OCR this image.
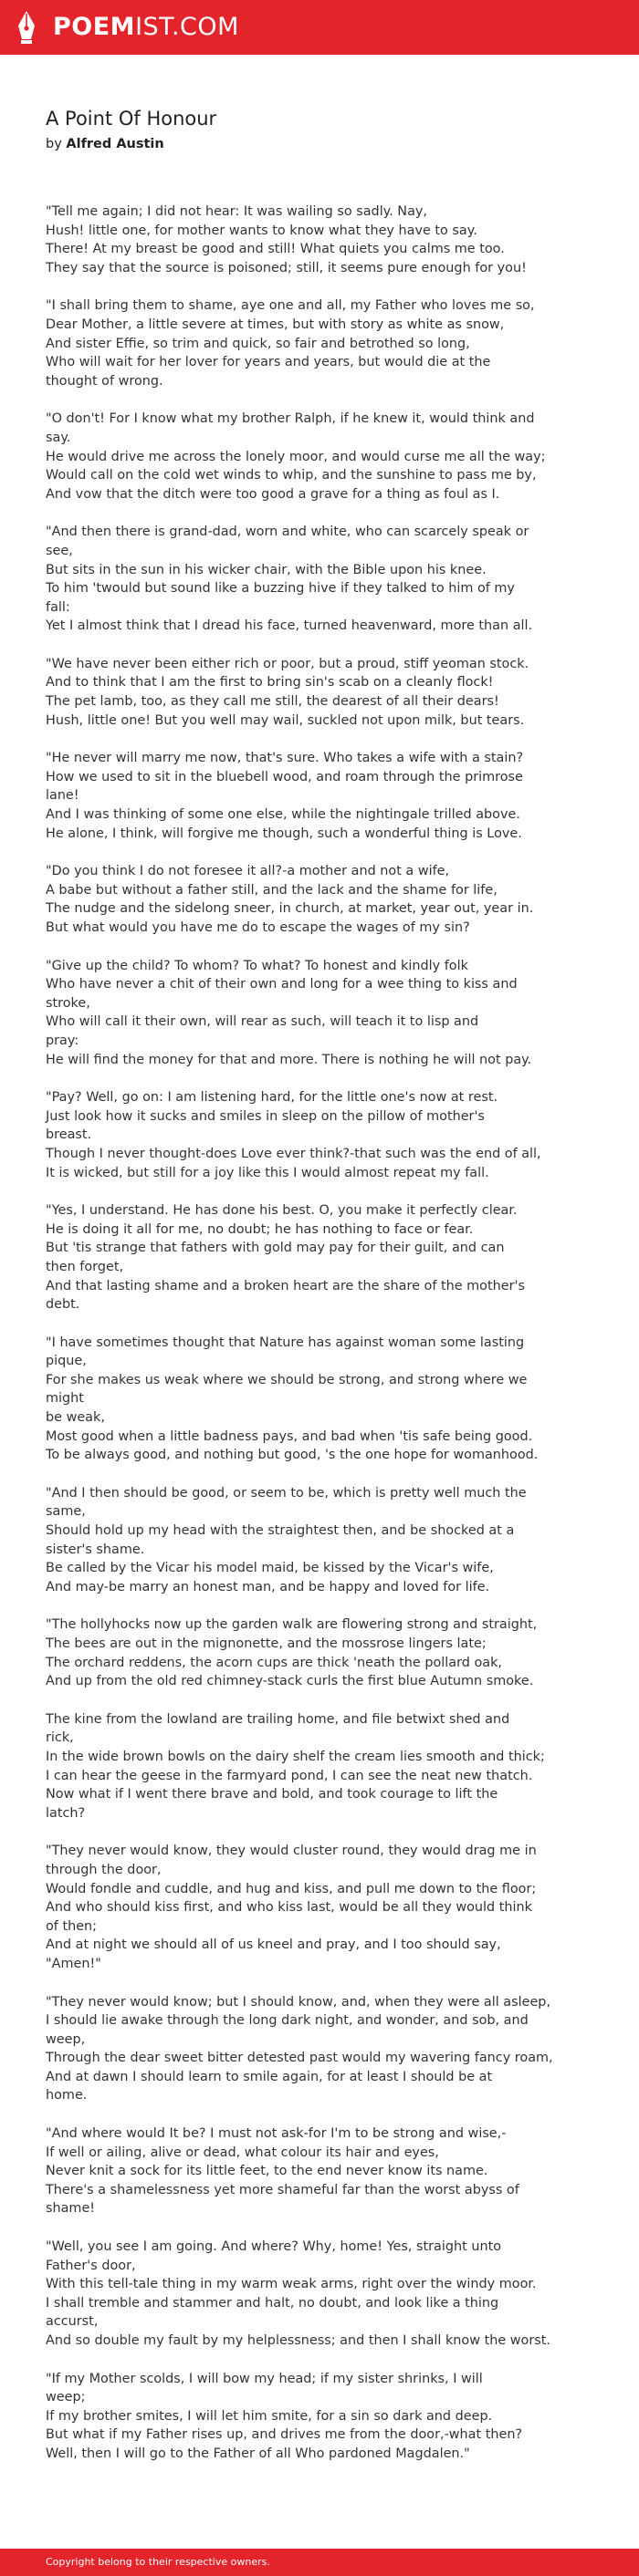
POEMIST.COM
A Point Of Honour
by Alfred Austin

"Tell me again; I did not hear: It was wailing so sadly. Nay,
Hush! little one, for mother wants to know what they have to say.
There! At my breast be good and still! What quiets you calms me too.
They say that the source is poisoned; still, it seems pure enough for you!

"I shall bring them to shame, aye one and all, my Father who loves me so,
Dear Mother, a little severe at times, but with story as white as snow,
And sister Effie, so trim and quick, so fair and betrothed so long,
Who will wait for her lover for years and years, but would die at the
thought of wrong.

"O don't! For I know what my brother Ralph, if he knew it, would think and
say.
He would drive me across the lonely moor, and would curse me all the way;
Would call on the cold wet winds to whip, and the sunshine to pass me by,
And vow that the ditch were too good a grave for a thing as foul as I.

"And then there is grand-dad, worn and white, who can scarcely speak or
see,
But sits in the sun in his wicker chair, with the Bible upon his knee.
To him 'twould but sound like a buzzing hive if they talked to him of my
fall:
Yet I almost think that I dread his face, turned heavenward, more than all.

"We have never been either rich or poor, but a proud, stiff yeoman stock.
And to think that I am the first to bring sin's scab on a cleanly flock!
The pet lamb, too, as they call me still, the dearest of all their dears!
Hush, little one! But you well may wail, suckled not upon milk, but tears.

"He never will marry me now, that's sure. Who takes a wife with a stain?
How we used to sit in the bluebell wood, and roam through the primrose
lane!
And I was thinking of some one else, while the nightingale trilled above.
He alone, I think, will forgive me though, such a wonderful thing is Love.

"Do you think I do not foresee it all?-a mother and not a wife,
A babe but without a father still, and the lack and the shame for life,
The nudge and the sidelong sneer, in church, at market, year out, year in.
But what would you have me do to escape the wages of my sin?

"Give up the child? To whom? To what? To honest and kindly folk
Who have never a chit of their own and long for a wee thing to kiss and
stroke,
Who will call it their own, will rear as such, will teach it to lisp and
pray:
He will find the money for that and more. There is nothing he will not pay.

"Pay? Well, go on: I am listening hard, for the little one's now at rest.
Just look how it sucks and smiles in sleep on the pillow of mother's
breast.
Though I never thought-does Love ever think?-that such was the end of all,
It is wicked, but still for a joy like this I would almost repeat my fall.

"Yes, I understand. He has done his best. O, you make it perfectly clear.
He is doing it all for me, no doubt; he has nothing to face or fear.
But 'tis strange that fathers with gold may pay for their guilt, and can
then forget,
And that lasting shame and a broken heart are the share of the mother's
debt.

"I have sometimes thought that Nature has against woman some lasting
pique,
For she makes us weak where we should be strong, and strong where we might
be weak,
Most good when a little badness pays, and bad when 'tis safe being good.
To be always good, and nothing but good, 's the one hope for womanhood.

"And I then should be good, or seem to be, which is pretty well much the
same,
Should hold up my head with the straightest then, and be shocked at a
sister's shame.
Be called by the Vicar his model maid, be kissed by the Vicar's wife,
And may-be marry an honest man, and be happy and loved for life.

"The hollyhocks now up the garden walk are flowering strong and straight,
The bees are out in the mignonette, and the mossrose lingers late;
The orchard reddens, the acorn cups are thick 'neath the pollard oak,
And up from the old red chimney-stack curls the first blue Autumn smoke.

The kine from the lowland are trailing home, and file betwixt shed and
rick,
In the wide brown bowls on the dairy shelf the cream lies smooth and thick;
I can hear the geese in the farmyard pond, I can see the neat new thatch.
Now what if I went there brave and bold, and took courage to lift the
latch?

"They never would know, they would cluster round, they would drag me in
through the door,
Would fondle and cuddle, and hug and kiss, and pull me down to the floor;
And who should kiss first, and who kiss last, would be all they would think
of then;
And at night we should all of us kneel and pray, and I too should say,
"Amen!"

"They never would know; but I should know, and, when they were all asleep,
I should lie awake through the long dark night, and wonder, and sob, and
weep,
Through the dear sweet bitter detested past would my wavering fancy roam,
And at dawn I should learn to smile again, for at least I should be at
home.

"And where would It be? I must not ask-for I'm to be strong and wise,-
If well or ailing, alive or dead, what colour its hair and eyes,
Never knit a sock for its little feet, to the end never know its name.
There's a shamelessness yet more shameful far than the worst abyss of
shame!

"Well, you see I am going. And where? Why, home! Yes, straight unto
Father's door,
With this tell-tale thing in my warm weak arms, right over the windy moor.
I shall tremble and stammer and halt, no doubt, and look like a thing
accurst,
And so double my fault by my helplessness; and then I shall know the worst.

"If my Mother scolds, I will bow my head; if my sister shrinks, I will
weep;
If my brother smites, I will let him smite, for a sin so dark and deep.
But what if my Father rises up, and drives me from the door,-what then?
Well, then I will go to the Father of all Who pardoned Magdalen."

Copyright belong to their respective owners.
